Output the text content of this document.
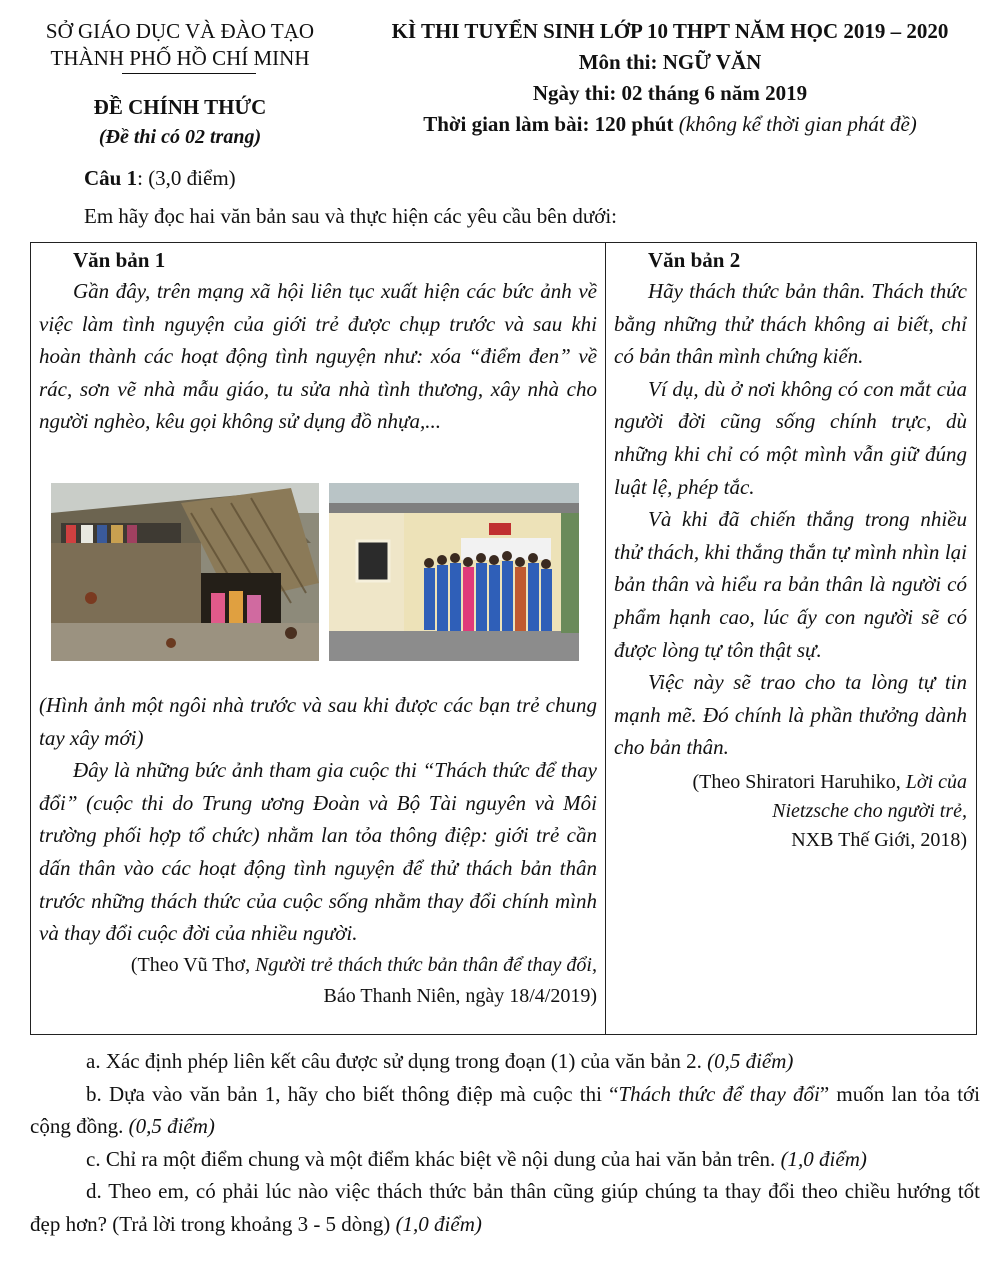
SỞ GIÁO DỤC VÀ ĐÀO TẠO
THÀNH PHỐ HỒ CHÍ MINH
ĐỀ CHÍNH THỨC
(Đề thi có 02 trang)
KÌ THI TUYỂN SINH LỚP 10 THPT NĂM HỌC 2019 – 2020
Môn thi: NGỮ VĂN
Ngày thi: 02 tháng 6 năm 2019
Thời gian làm bài: 120 phút (không kể thời gian phát đề)
Câu 1: (3,0 điểm)
Em hãy đọc hai văn bản sau và thực hiện các yêu cầu bên dưới:
Văn bản 1

Gần đây, trên mạng xã hội liên tục xuất hiện các bức ảnh về việc làm tình nguyện của giới trẻ được chụp trước và sau khi hoàn thành các hoạt động tình nguyện như: xóa “điểm đen” về rác, sơn vẽ nhà mẫu giáo, tu sửa nhà tình thương, xây nhà cho người nghèo, kêu gọi không sử dụng đồ nhựa,...

(Hình ảnh một ngôi nhà trước và sau khi được các bạn trẻ chung tay xây mới)

Đây là những bức ảnh tham gia cuộc thi “Thách thức để thay đổi” (cuộc thi do Trung ương Đoàn và Bộ Tài nguyên và Môi trường phối hợp tổ chức) nhằm lan tỏa thông điệp: giới trẻ cần dấn thân vào các hoạt động tình nguyện để thử thách bản thân trước những thách thức của cuộc sống nhằm thay đổi chính mình và thay đổi cuộc đời của nhiều người.

(Theo Vũ Thơ, Người trẻ thách thức bản thân để thay đổi,
Báo Thanh Niên, ngày 18/4/2019)

Văn bản 2

Hãy thách thức bản thân. Thách thức bằng những thử thách không ai biết, chỉ có bản thân mình chứng kiến.

Ví dụ, dù ở nơi không có con mắt của người đời cũng sống chính trực, dù những khi chỉ có một mình vẫn giữ đúng luật lệ, phép tắc.

Và khi đã chiến thắng trong nhiều thử thách, khi thắng thắn tự mình nhìn lại bản thân và hiểu ra bản thân là người có phẩm hạnh cao, lúc ấy con người sẽ có được lòng tự tôn thật sự.

Việc này sẽ trao cho ta lòng tự tin mạnh mẽ. Đó chính là phần thưởng dành cho bản thân.

(Theo Shiratori Haruhiko, Lời của
Nietzsche cho người trẻ,
NXB Thế Giới, 2018)

a. Xác định phép liên kết câu được sử dụng trong đoạn (1) của văn bản 2. (0,5 điểm)

b. Dựa vào văn bản 1, hãy cho biết thông điệp mà cuộc thi “Thách thức để thay đổi” muốn lan tỏa tới cộng đồng. (0,5 điểm)

c. Chỉ ra một điểm chung và một điểm khác biệt về nội dung của hai văn bản trên. (1,0 điểm)

d. Theo em, có phải lúc nào việc thách thức bản thân cũng giúp chúng ta thay đổi theo chiều hướng tốt đẹp hơn? (Trả lời trong khoảng 3 - 5 dòng) (1,0 điểm)
